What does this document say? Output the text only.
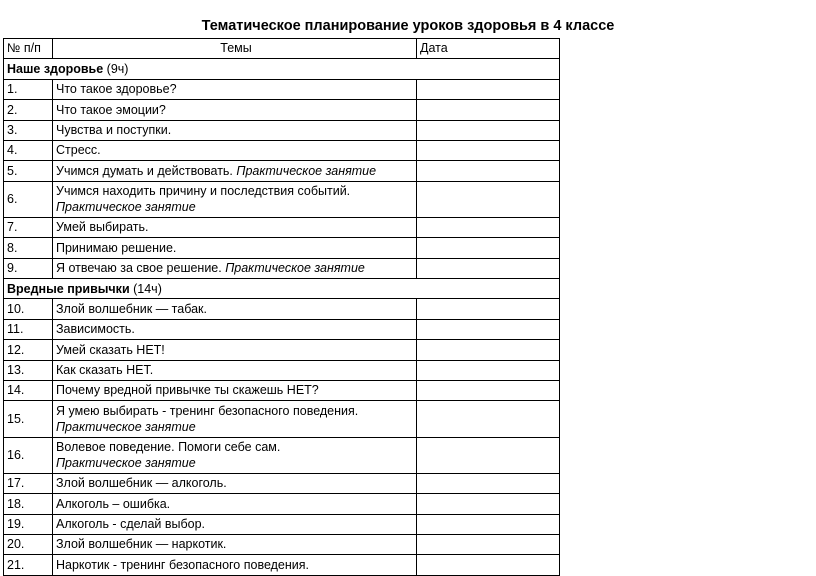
Тематическое планирование уроков здоровья в 4 классе
№ п/п	Темы	Дата
Наше здоровье (9ч)		
1.	Что такое здоровье?	
2.	Что такое эмоции?	
3.	Чувства и поступки.	
4.	Стресс.	
5.	Учимся думать и действовать. Практическое занятие	
6.	Учимся находить причину и последствия событий.
Практическое занятие	
7.	Умей выбирать.	
8.	Принимаю решение.	
9.	Я отвечаю за свое решение. Практическое занятие	
Вредные привычки (14ч)		
10.	Злой волшебник — табак.	
11.	Зависимость.	
12.	Умей сказать НЕТ!	
13.	Как сказать НЕТ.	
14.	Почему вредной привычке ты скажешь НЕТ?	
15.	Я умею выбирать - тренинг безопасного поведения.
Практическое занятие	
16.	Волевое поведение. Помоги себе сам.
Практическое занятие	
17.	Злой волшебник — алкоголь.	
18.	Алкоголь – ошибка.	
19.	Алкоголь - сделай выбор.	
20.	Злой волшебник — наркотик.	
21.	Наркотик - тренинг безопасного поведения.	
